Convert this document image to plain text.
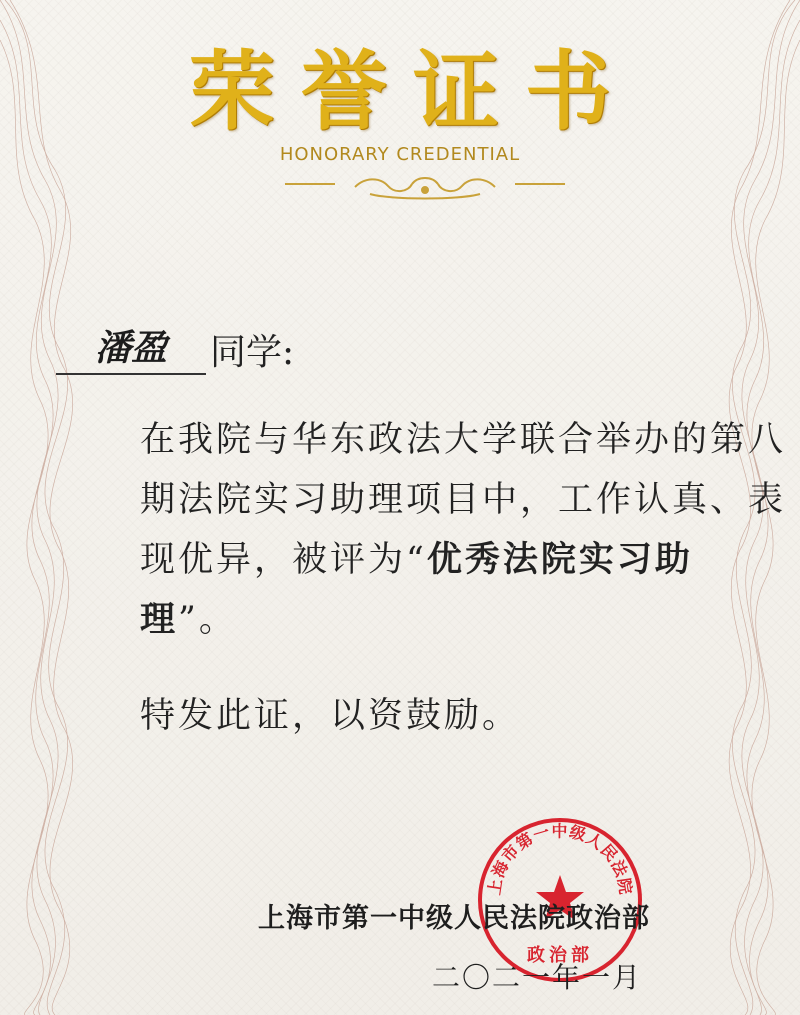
荣誉证书
HONORARY CREDENTIAL
潘盈	同学:
在我院与华东政法大学联合举办的第八期法院实习助理项目中，工作认真、表现优异，被评为“优秀法院实习助理”。
特发此证，以资鼓励。
上海市第一中级人民法院
政治部
上海市第一中级人民法院政治部
二〇二一年一月
